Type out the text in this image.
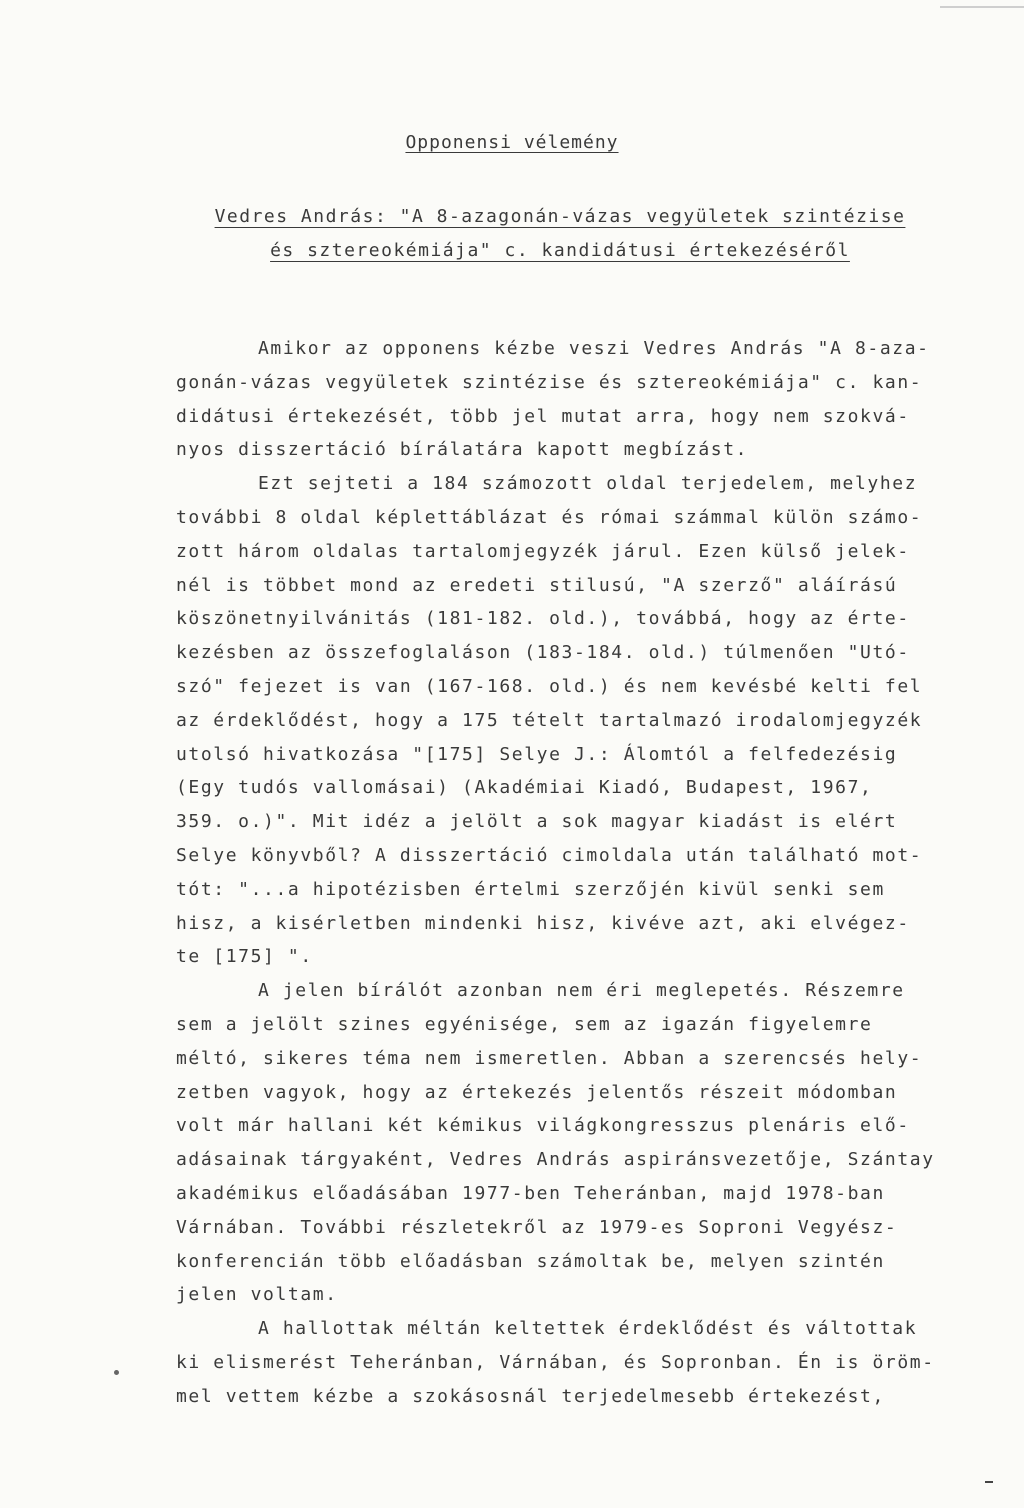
Opponensi vélemény
Vedres András: "A 8-azagonán-vázas vegyületek szintézise
és sztereokémiája" c. kandidátusi értekezéséről
Amikor az opponens kézbe veszi Vedres András "A 8-aza-
gonán-vázas vegyületek szintézise és sztereokémiája" c. kan-
didátusi értekezését, több jel mutat arra, hogy nem szokvá-
nyos disszertáció bírálatára kapott megbízást.
Ezt sejteti a 184 számozott oldal terjedelem, melyhez
további 8 oldal képlettáblázat és római számmal külön számo-
zott három oldalas tartalomjegyzék járul. Ezen külső jelek-
nél is többet mond az eredeti stilusú, "A szerző" aláírású
köszönetnyilvánitás (181-182. old.), továbbá, hogy az érte-
kezésben az összefoglaláson (183-184. old.) túlmenően "Utó-
szó" fejezet is van (167-168. old.) és nem kevésbé kelti fel
az érdeklődést, hogy a 175 tételt tartalmazó irodalomjegyzék
utolsó hivatkozása "[175] Selye J.: Álomtól a felfedezésig
(Egy tudós vallomásai) (Akadémiai Kiadó, Budapest, 1967,
359. o.)". Mit idéz a jelölt a sok magyar kiadást is elért
Selye könyvből? A disszertáció cimoldala után található mot-
tót: "...a hipotézisben értelmi szerzőjén kivül senki sem
hisz, a kisérletben mindenki hisz, kivéve azt, aki elvégez-
te [175] ".
A jelen bírálót azonban nem éri meglepetés. Részemre
sem a jelölt szines egyénisége, sem az igazán figyelemre
méltó, sikeres téma nem ismeretlen. Abban a szerencsés hely-
zetben vagyok, hogy az értekezés jelentős részeit módomban
volt már hallani két kémikus világkongresszus plenáris elő-
adásainak tárgyaként, Vedres András aspiránsvezetője, Szántay
akadémikus előadásában 1977-ben Teheránban, majd 1978-ban
Várnában. További részletekről az 1979-es Soproni Vegyész-
konferencián több előadásban számoltak be, melyen szintén
jelen voltam.
A hallottak méltán keltettek érdeklődést és váltottak
ki elismerést Teheránban, Várnában, és Sopronban. Én is öröm-
mel vettem kézbe a szokásosnál terjedelmesebb értekezést,
